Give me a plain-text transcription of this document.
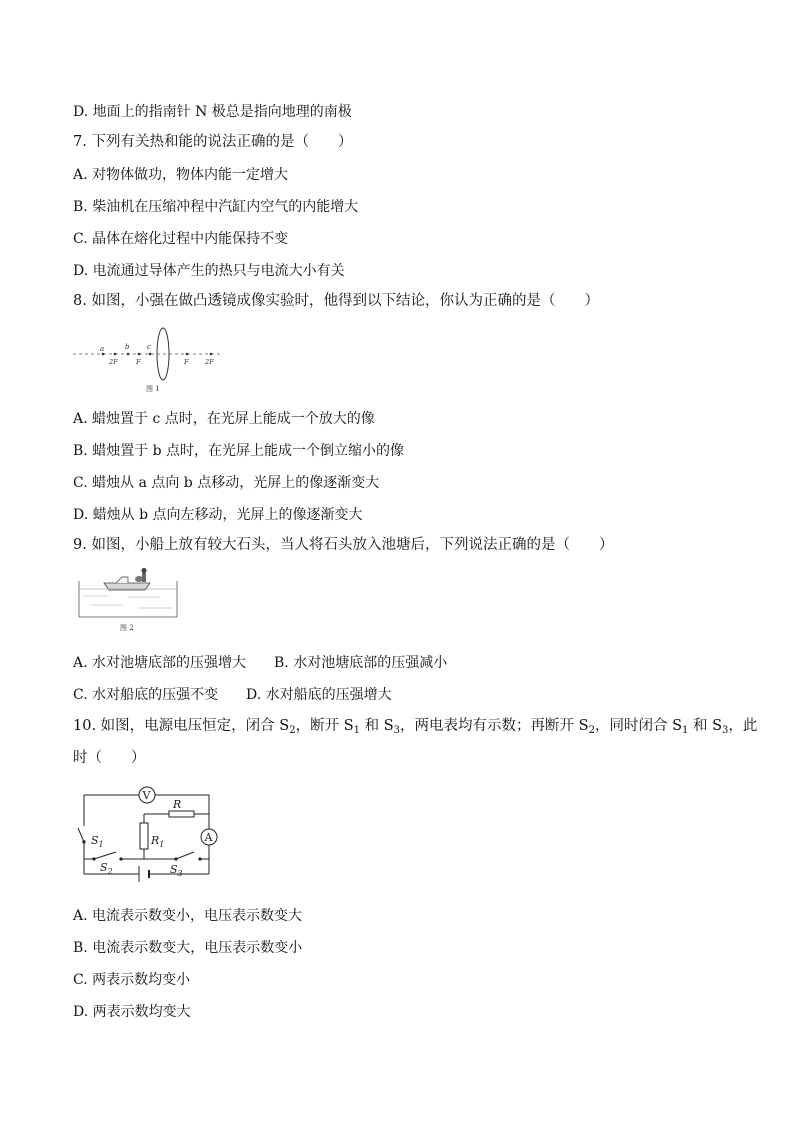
D. 地面上的指南针 N 极总是指向地理的南极
7. 下列有关热和能的说法正确的是（　　）
A. 对物体做功，物体内能一定增大
B. 柴油机在压缩冲程中汽缸内空气的内能增大
C. 晶体在熔化过程中内能保持不变
D. 电流通过导体产生的热只与电流大小有关
8. 如图，小强在做凸透镜成像实验时，他得到以下结论，你认为正确的是（　　）
a	b	c
2F	F	F	2F
图 1
A. 蜡烛置于 c 点时，在光屏上能成一个放大的像
B. 蜡烛置于 b 点时，在光屏上能成一个倒立缩小的像
C. 蜡烛从 a 点向 b 点移动，光屏上的像逐渐变大
D. 蜡烛从 b 点向左移动，光屏上的像逐渐变大
9. 如图，小船上放有较大石头，当人将石头放入池塘后，下列说法正确的是（　　）
图 2
A. 水对池塘底部的压强增大 B. 水对池塘底部的压强减小
C. 水对船底的压强不变 D. 水对船底的压强增大
10. 如图，电源电压恒定，闭合 $S_2$，断开 $S_1$ 和 $S_3$，两电表均有示数；再断开 $S_2$，同时闭合 $S_1$ 和 $S_3$，此
时（　　）
V
A
R
$R_1$
$S_1$
$S_2$	$S_3$
A. 电流表示数变小，电压表示数变大
B. 电流表示数变大，电压表示数变小
C. 两表示数均变小
D. 两表示数均变大
